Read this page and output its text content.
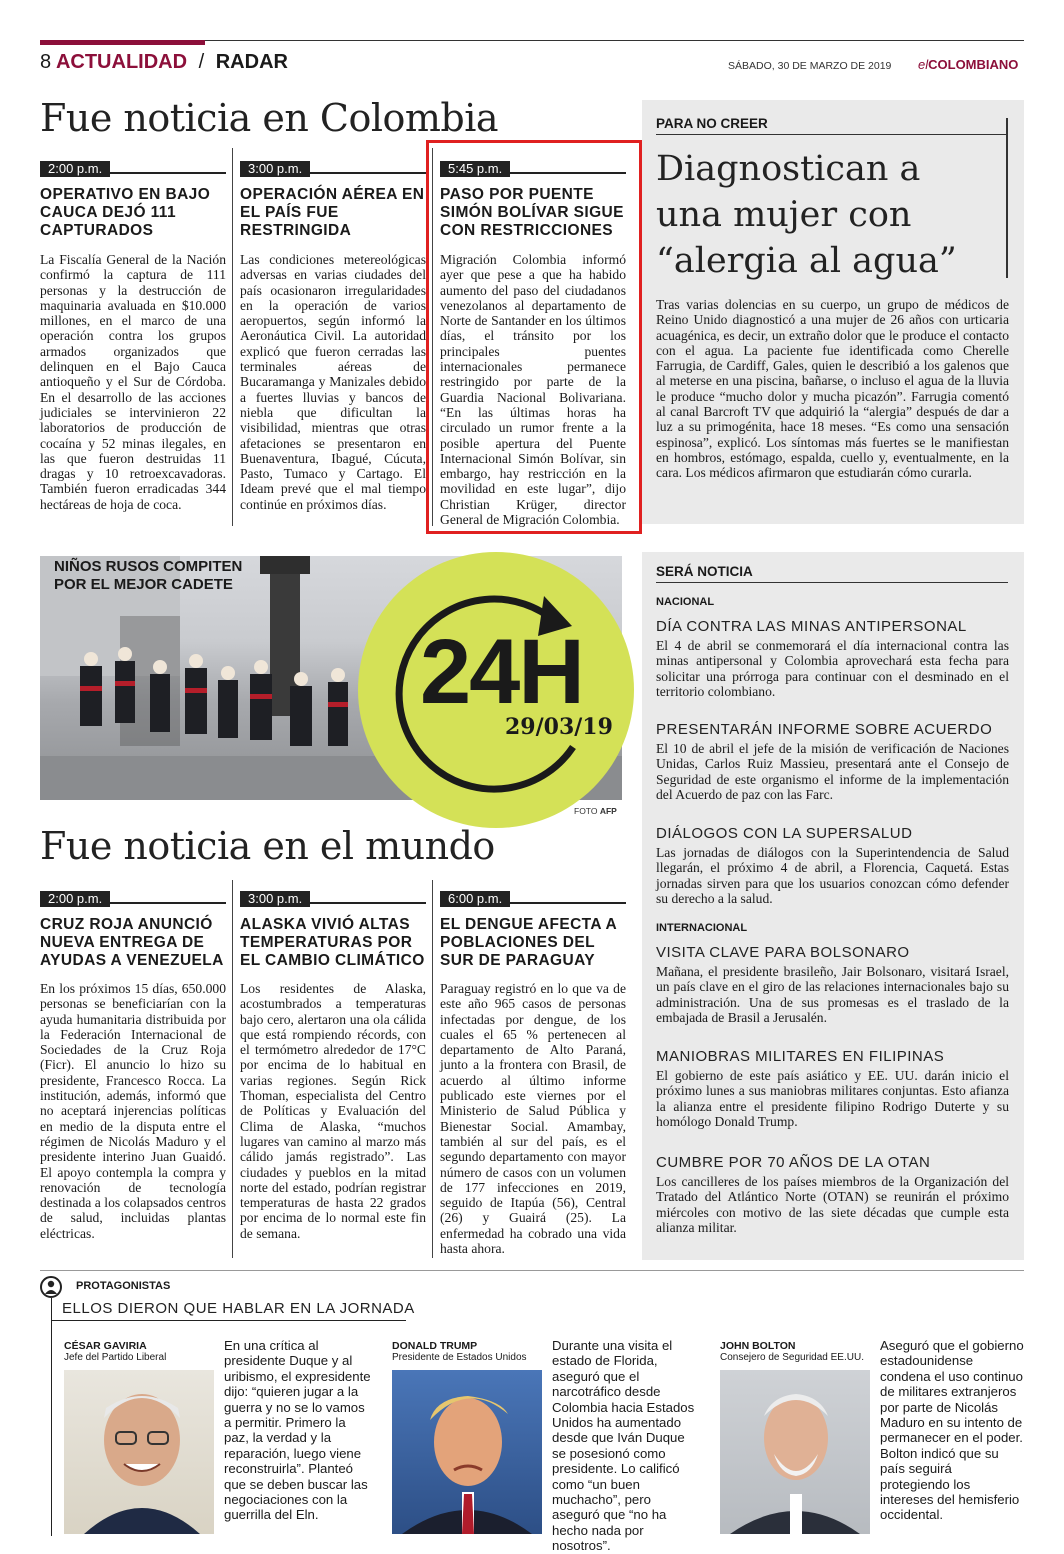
8 ACTUALIDAD / RADAR	SÁBADO, 30 DE MARZO DE 2019 elCOLOMBIANO
Fue noticia en Colombia
2:00 p.m.
OPERATIVO EN BAJO CAUCA DEJÓ 111 CAPTURADOS
La Fiscalía General de la Nación confirmó la captura de 111 personas y la destrucción de maquinaria avaluada en $10.000 millones, en el marco de una operación contra los grupos armados organizados que delinquen en el Bajo Cauca antioqueño y el Sur de Córdoba. En el desarrollo de las acciones judiciales se intervinieron 22 laboratorios de producción de cocaína y 52 minas ilegales, en las que fueron destruidas 11 dragas y 10 retroexcavadoras. También fueron erradicadas 344 hectáreas de hoja de coca.
3:00 p.m.
OPERACIÓN AÉREA EN EL PAÍS FUE RESTRINGIDA
Las condiciones metereológicas adversas en varias ciudades del país ocasionaron irregularidades en la operación de varios aeropuertos, según informó la Aeronáutica Civil. La autoridad explicó que fueron cerradas las terminales aéreas de Bucaramanga y Manizales debido a fuertes lluvias y bancos de niebla que dificultan la visibilidad, mientras que otras afetaciones se presentaron en Buenaventura, Ibagué, Cúcuta, Pasto, Tumaco y Cartago. El Ideam prevé que el mal tiempo continúe en próximos días.
5:45 p.m.
PASO POR PUENTE SIMÓN BOLÍVAR SIGUE CON RESTRICCIONES
Migración Colombia informó ayer que pese a que ha habido aumento del paso del ciudadanos venezolanos al departamento de Norte de Santander en los últimos días, el tránsito por los principales puentes internacionales permanece restringido por parte de la Guardia Nacional Bolivariana. “En las últimas horas ha circulado un rumor frente a la posible apertura del Puente Internacional Simón Bolívar, sin embargo, hay restricción en la movilidad en este lugar”, dijo Christian Krüger, director General de Migración Colombia.
PARA NO CREER
Diagnostican a una mujer con “alergia al agua”
Tras varias dolencias en su cuerpo, un grupo de médicos de Reino Unido diagnosticó a una mujer de 26 años con urticaria acuagénica, es decir, un extraño dolor que le produce el contacto con el agua. La paciente fue identificada como Cherelle Farrugia, de Cardiff, Gales, quien le describió a los galenos que al meterse en una piscina, bañarse, o incluso el agua de la lluvia le produce “mucho dolor y mucha picazón”. Farrugia comentó al canal Barcroft TV que adquirió la “alergia” después de dar a luz a su primogénita, hace 18 meses. “Es como una sensación espinosa”, explicó. Los síntomas más fuertes se le manifiestan en hombros, estómago, espalda, cuello y, eventualmente, en la cara. Los médicos afirmaron que estudiarán cómo curarla.
NIÑOS RUSOS COMPITEN POR EL MEJOR CADETE
24H
29/03/19
FOTO AFP
SERÁ NOTICIA
NACIONAL
DÍA CONTRA LAS MINAS ANTIPERSONAL
El 4 de abril se conmemorará el día internacional contra las minas antipersonal y Colombia aprovechará esta fecha para solicitar una prórroga para continuar con el desminado en el territorio colombiano.
PRESENTARÁN INFORME SOBRE ACUERDO
El 10 de abril el jefe de la misión de verificación de Naciones Unidas, Carlos Ruiz Massieu, presentará ante el Consejo de Seguridad de este organismo el informe de la implementación del Acuerdo de paz con las Farc.
DIÁLOGOS CON LA SUPERSALUD
Las jornadas de diálogos con la Superintendencia de Salud llegarán, el próximo 4 de abril, a Florencia, Caquetá. Estas jornadas sirven para que los usuarios conozcan cómo defender su derecho a la salud.
INTERNACIONAL
VISITA CLAVE PARA BOLSONARO
Mañana, el presidente brasileño, Jair Bolsonaro, visitará Israel, un país clave en el giro de las relaciones internacionales bajo su administración. Una de sus promesas es el traslado de la embajada de Brasil a Jerusalén.
MANIOBRAS MILITARES EN FILIPINAS
El gobierno de este país asiático y EE. UU. darán inicio el próximo lunes a sus maniobras militares conjuntas. Esto afianza la alianza entre el presidente filipino Rodrigo Duterte y su homólogo Donald Trump.
CUMBRE POR 70 AÑOS DE LA OTAN
Los cancilleres de los países miembros de la Organización del Tratado del Atlántico Norte (OTAN) se reunirán el próximo miércoles con motivo de las siete décadas que cumple esta alianza militar.
Fue noticia en el mundo
2:00 p.m.
CRUZ ROJA ANUNCIÓ NUEVA ENTREGA DE AYUDAS A VENEZUELA
En los próximos 15 días, 650.000 personas se beneficiarían con la ayuda humanitaria distribuida por la Federación Internacional de Sociedades de la Cruz Roja (Ficr). El anuncio lo hizo su presidente, Francesco Rocca. La institución, además, informó que no aceptará injerencias políticas en medio de la disputa entre el régimen de Nicolás Maduro y el presidente interino Juan Guaidó. El apoyo contempla la compra y renovación de tecnología destinada a los colapsados centros de salud, incluidas plantas eléctricas.
3:00 p.m.
ALASKA VIVIÓ ALTAS TEMPERATURAS POR EL CAMBIO CLIMÁTICO
Los residentes de Alaska, acostumbrados a temperaturas bajo cero, alertaron una ola cálida que está rompiendo récords, con el termómetro alrededor de 17°C por encima de lo habitual en varias regiones. Según Rick Thoman, especialista del Centro de Políticas y Evaluación del Clima de Alaska, “muchos lugares van camino al marzo más cálido jamás registrado”. Las ciudades y pueblos en la mitad norte del estado, podrían registrar temperaturas de hasta 22 grados por encima de lo normal este fin de semana.
6:00 p.m.
EL DENGUE AFECTA A POBLACIONES DEL SUR DE PARAGUAY
Paraguay registró en lo que va de este año 965 casos de personas infectadas por dengue, de los cuales el 65 % pertenecen al departamento de Alto Paraná, junto a la frontera con Brasil, de acuerdo al último informe publicado este viernes por el Ministerio de Salud Pública y Bienestar Social. Amambay, también al sur del país, es el segundo departamento con mayor número de casos con un volumen de 177 infecciones en 2019, seguido de Itapúa (56), Central (26) y Guairá (25). La enfermedad ha cobrado una vida hasta ahora.
PROTAGONISTAS
ELLOS DIERON QUE HABLAR EN LA JORNADA
CÉSAR GAVIRIA
Jefe del Partido Liberal
En una crítica al presidente Duque y al uribismo, el expresidente dijo: “quieren jugar a la guerra y no se lo vamos a permitir. Primero la paz, la verdad y la reparación, luego viene reconstruirla”. Planteó que se deben buscar las negociaciones con la guerrilla del Eln.
DONALD TRUMP
Presidente de Estados Unidos
Durante una visita el estado de Florida, aseguró que el narcotráfico desde Colombia hacia Estados Unidos ha aumentado desde que Iván Duque se posesionó como presidente. Lo calificó como “un buen muchacho”, pero aseguró que “no ha hecho nada por nosotros”.
JOHN BOLTON
Consejero de Seguridad EE.UU.
Aseguró que el gobierno estadounidense condena el uso continuo de militares extranjeros por parte de Nicolás Maduro en su intento de permanecer en el poder. Bolton indicó que su país seguirá protegiendo los intereses del hemisferio occidental.
